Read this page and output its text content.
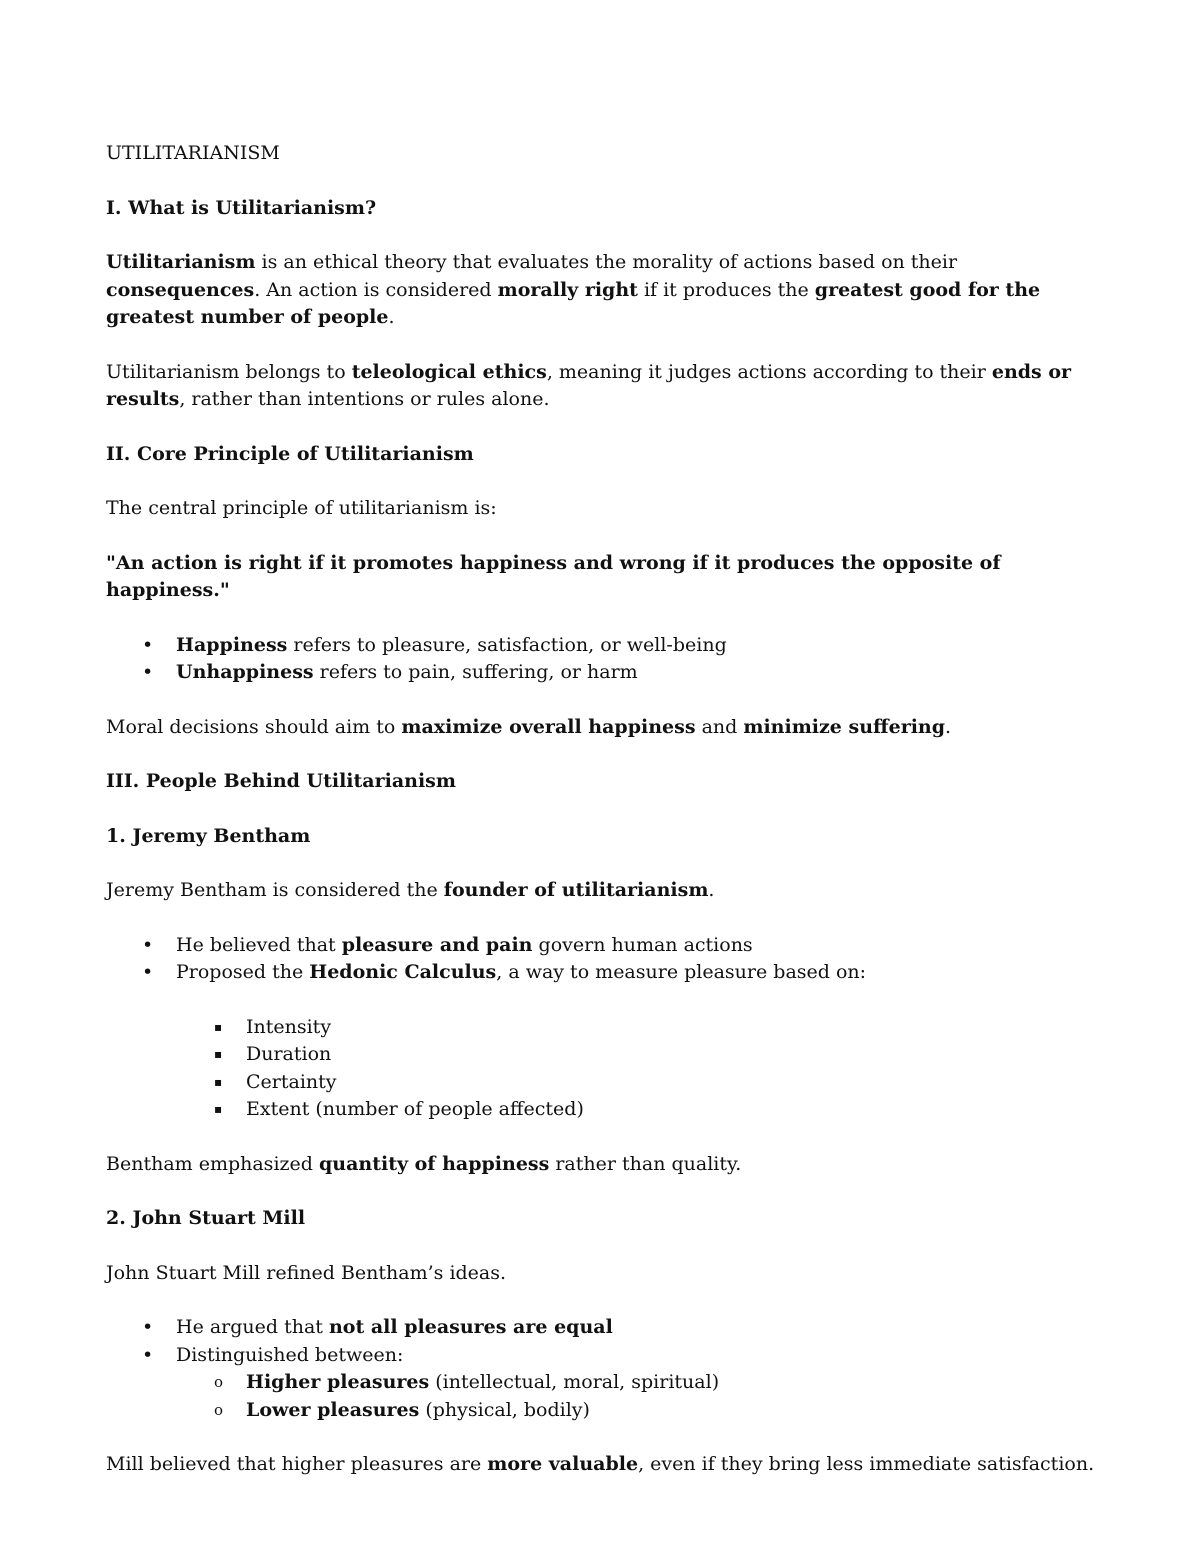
UTILITARIANISM

I. What is Utilitarianism?

Utilitarianism is an ethical theory that evaluates the morality of actions based on their consequences. An action is considered morally right if it produces the greatest good for the greatest number of people.

Utilitarianism belongs to teleological ethics, meaning it judges actions according to their ends or results, rather than intentions or rules alone.

II. Core Principle of Utilitarianism

The central principle of utilitarianism is:

"An action is right if it promotes happiness and wrong if it produces the opposite of happiness."

• Happiness refers to pleasure, satisfaction, or well-being
• Unhappiness refers to pain, suffering, or harm

Moral decisions should aim to maximize overall happiness and minimize suffering.

III. People Behind Utilitarianism

1. Jeremy Bentham

Jeremy Bentham is considered the founder of utilitarianism.

• He believed that pleasure and pain govern human actions
• Proposed the Hedonic Calculus, a way to measure pleasure based on:
▪ Intensity
▪ Duration
▪ Certainty
▪ Extent (number of people affected)

Bentham emphasized quantity of happiness rather than quality.

2. John Stuart Mill

John Stuart Mill refined Bentham’s ideas.

• He argued that not all pleasures are equal
• Distinguished between:
o Higher pleasures (intellectual, moral, spiritual)
o Lower pleasures (physical, bodily)

Mill believed that higher pleasures are more valuable, even if they bring less immediate satisfaction.
